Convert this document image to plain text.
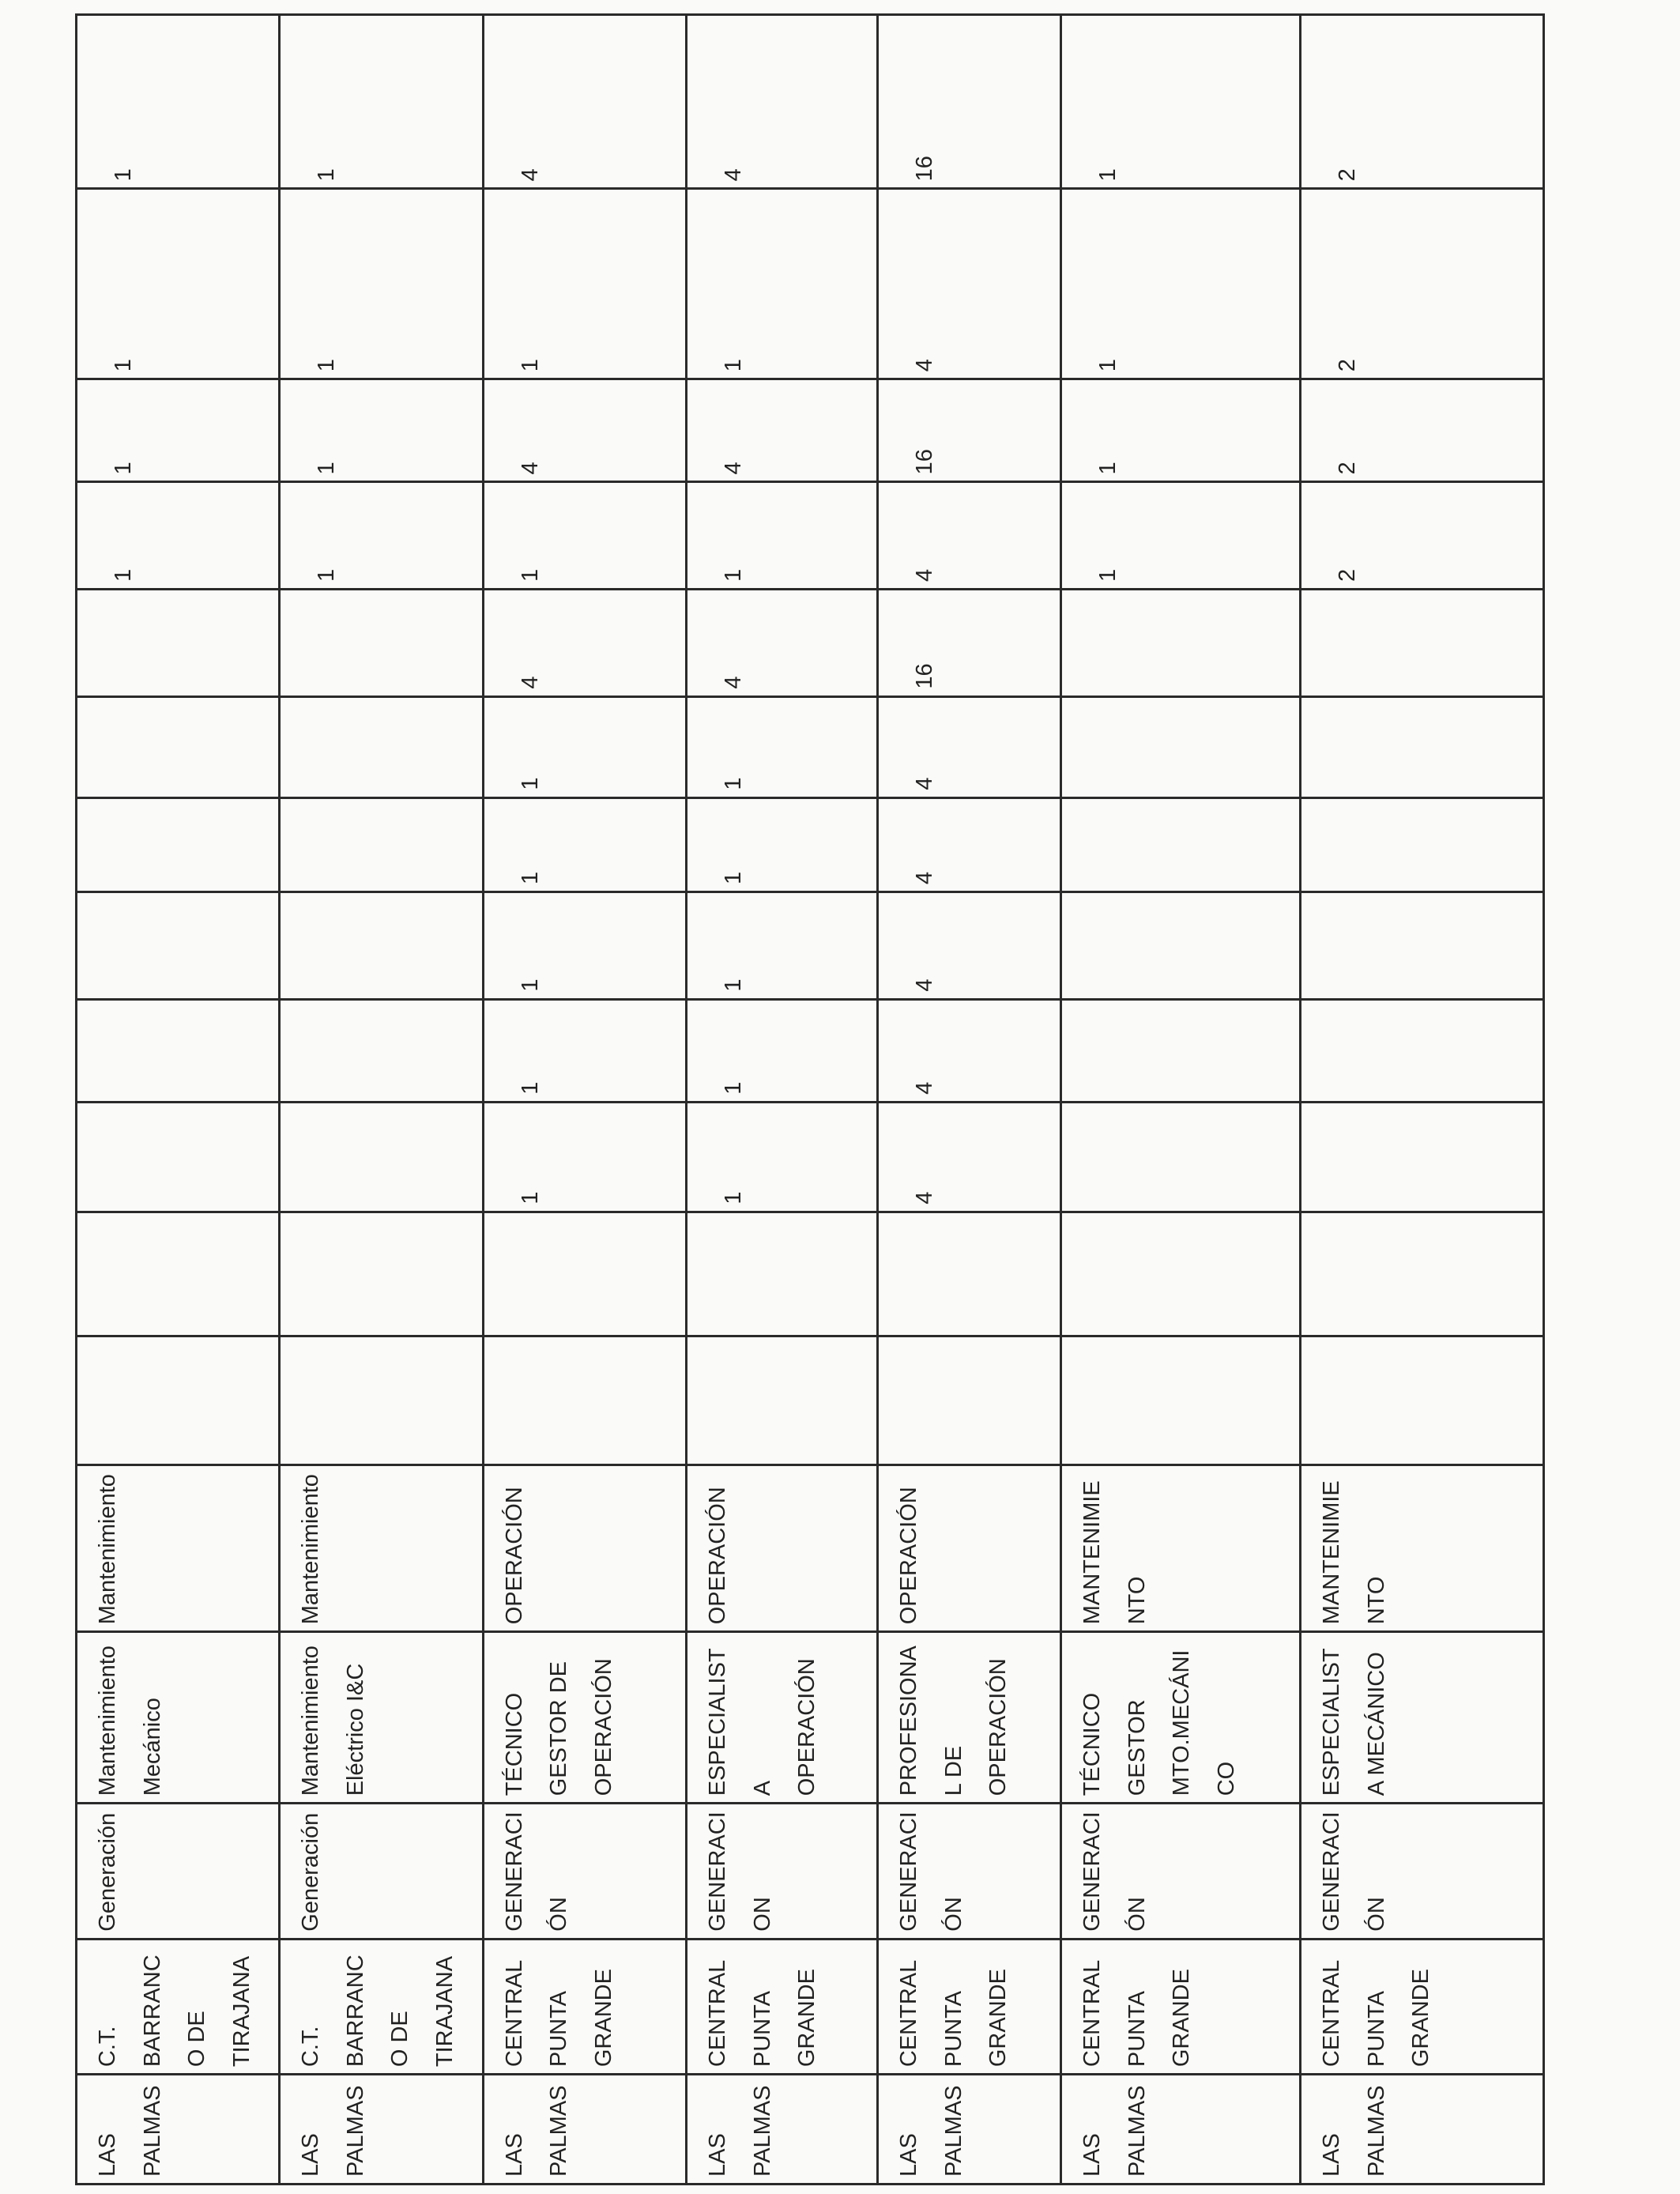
LAS PALMAS	C.T. BARRANCO DE TIRAJANA	Generación	Mantenimiento Mecánico	Mantenimiento									1	1	1	1
LAS PALMAS	C.T. BARRANCO DE TIRAJANA	Generación	Mantenimiento Eléctrico I&C	Mantenimiento									1	1	1	1
LAS PALMAS	CENTRAL PUNTA GRANDE	GENERACIÓN	TÉCNICO GESTOR DE OPERACIÓN	OPERACIÓN			1	1	1	1	1	4	1	4	1	4
LAS PALMAS	CENTRAL PUNTA GRANDE	GENERACION	ESPECIALISTA OPERACIÓN	OPERACIÓN			1	1	1	1	1	4	1	4	1	4
LAS PALMAS	CENTRAL PUNTA GRANDE	GENERACIÓN	PROFESIONAL DE OPERACIÓN	OPERACIÓN			4	4	4	4	4	16	4	16	4	16
LAS PALMAS	CENTRAL PUNTA GRANDE	GENERACIÓN	TÉCNICO GESTOR MTO.MECÁNICO	MANTENIMIENTO									1	1	1	1
LAS PALMAS	CENTRAL PUNTA GRANDE	GENERACIÓN	ESPECIALISTA MECÁNICO	MANTENIMIENTO									2	2	2	2
